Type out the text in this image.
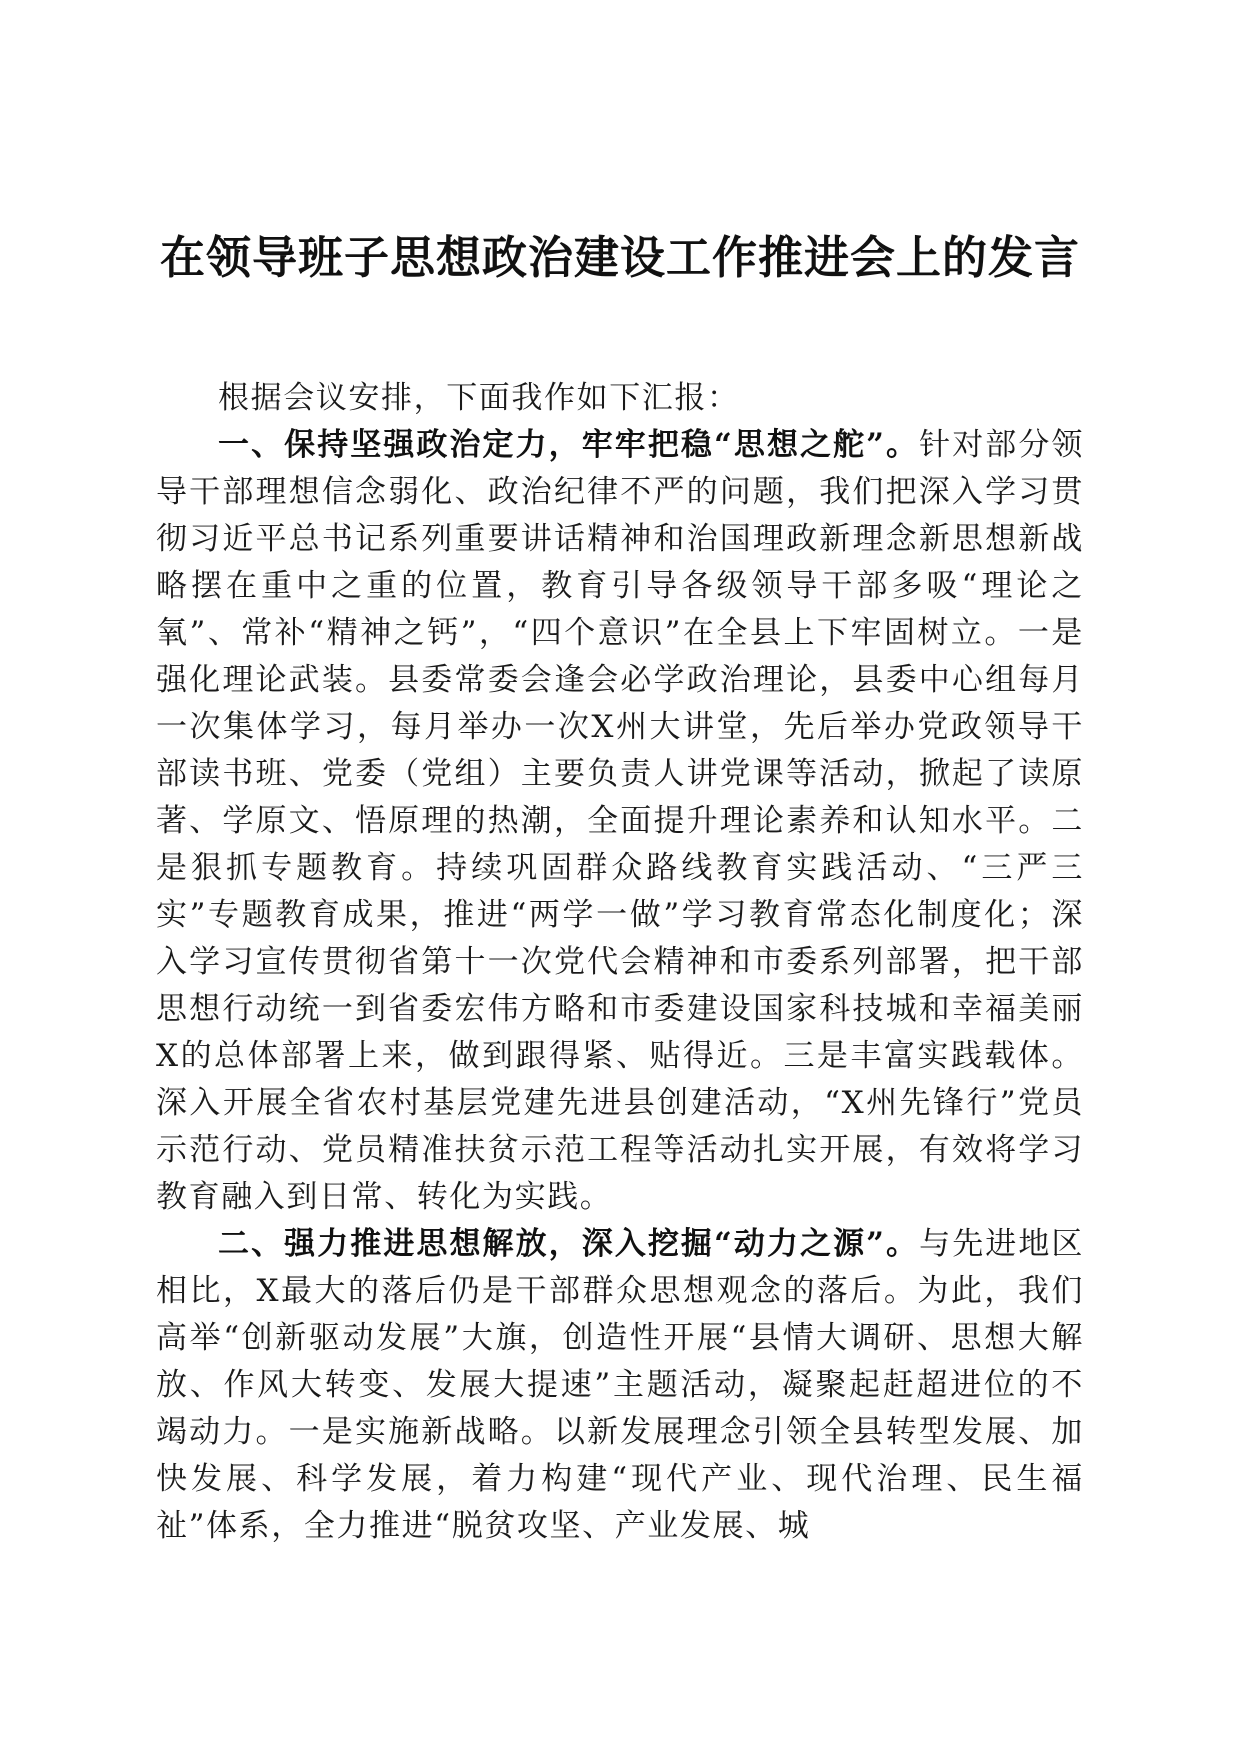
在领导班子思想政治建设工作推进会上的发言

根据会议安排，下面我作如下汇报：

一、保持坚强政治定力，牢牢把稳“思想之舵”。针对部分领导干部理想信念弱化、政治纪律不严的问题，我们把深入学习贯彻习近平总书记系列重要讲话精神和治国理政新理念新思想新战略摆在重中之重的位置，教育引导各级领导干部多吸“理论之氧”、常补“精神之钙”，“四个意识”在全县上下牢固树立。一是强化理论武装。县委常委会逢会必学政治理论，县委中心组每月一次集体学习，每月举办一次X州大讲堂，先后举办党政领导干部读书班、党委（党组）主要负责人讲党课等活动，掀起了读原著、学原文、悟原理的热潮，全面提升理论素养和认知水平。二是狠抓专题教育。持续巩固群众路线教育实践活动、“三严三实”专题教育成果，推进“两学一做”学习教育常态化制度化；深入学习宣传贯彻省第十一次党代会精神和市委系列部署，把干部思想行动统一到省委宏伟方略和市委建设国家科技城和幸福美丽X的总体部署上来，做到跟得紧、贴得近。三是丰富实践载体。深入开展全省农村基层党建先进县创建活动，“X州先锋行”党员示范行动、党员精准扶贫示范工程等活动扎实开展，有效将学习教育融入到日常、转化为实践。

二、强力推进思想解放，深入挖掘“动力之源”。与先进地区相比，X最大的落后仍是干部群众思想观念的落后。为此，我们高举“创新驱动发展”大旗，创造性开展“县情大调研、思想大解放、作风大转变、发展大提速”主题活动，凝聚起赶超进位的不竭动力。一是实施新战略。以新发展理念引领全县转型发展、加快发展、科学发展，着力构建“现代产业、现代治理、民生福祉”体系，全力推进“脱贫攻坚、产业发展、城
